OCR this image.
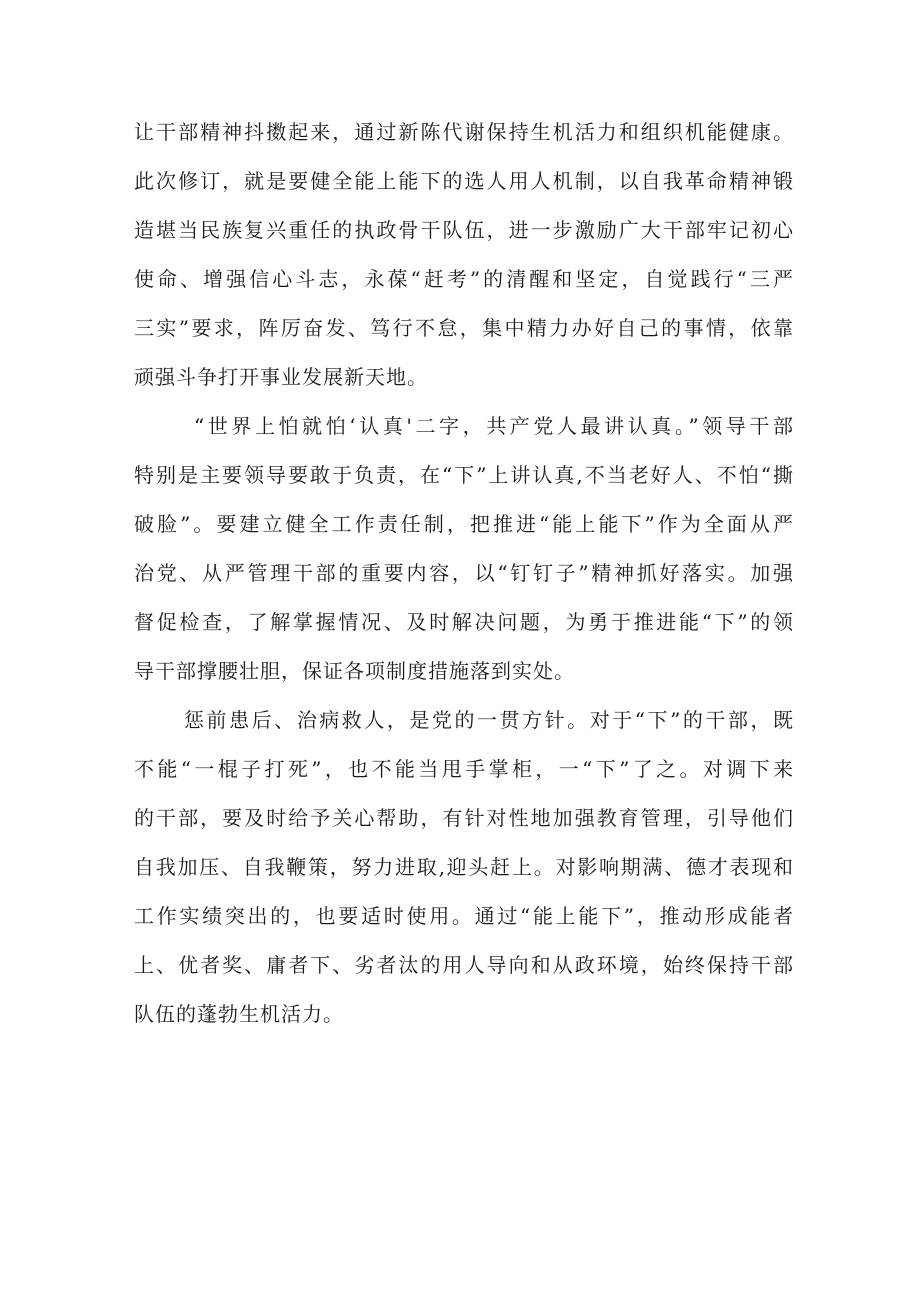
让干部精神抖擞起来，通过新陈代谢保持生机活力和组织机能健康。
此次修订，就是要健全能上能下的选人用人机制，以自我革命精神锻
造堪当民族复兴重任的执政骨干队伍，进一步激励广大干部牢记初心
使命、增强信心斗志，永葆“赶考”的清醒和坚定，自觉践行“三严
三实”要求，阵厉奋发、笃行不怠，集中精力办好自己的事情，依靠
顽强斗争打开事业发展新天地。
“世界上怕就怕‘认真'二字，共产党人最讲认真。”领导干部
特别是主要领导要敢于负责，在“下”上讲认真,不当老好人、不怕“撕
破脸”。要建立健全工作责任制，把推进“能上能下”作为全面从严
治党、从严管理干部的重要内容，以“钉钉子”精神抓好落实。加强
督促检查，了解掌握情况、及时解决问题，为勇于推进能“下”的领
导干部撑腰壮胆，保证各项制度措施落到实处。
惩前患后、治病救人，是党的一贯方针。对于“下”的干部，既
不能“一棍子打死”，也不能当甩手掌柜，一“下”了之。对调下来
的干部，要及时给予关心帮助，有针对性地加强教育管理，引导他们
自我加压、自我鞭策，努力进取,迎头赶上。对影响期满、德才表现和
工作实绩突出的，也要适时使用。通过“能上能下”，推动形成能者
上、优者奖、庸者下、劣者汰的用人导向和从政环境，始终保持干部
队伍的蓬勃生机活力。
